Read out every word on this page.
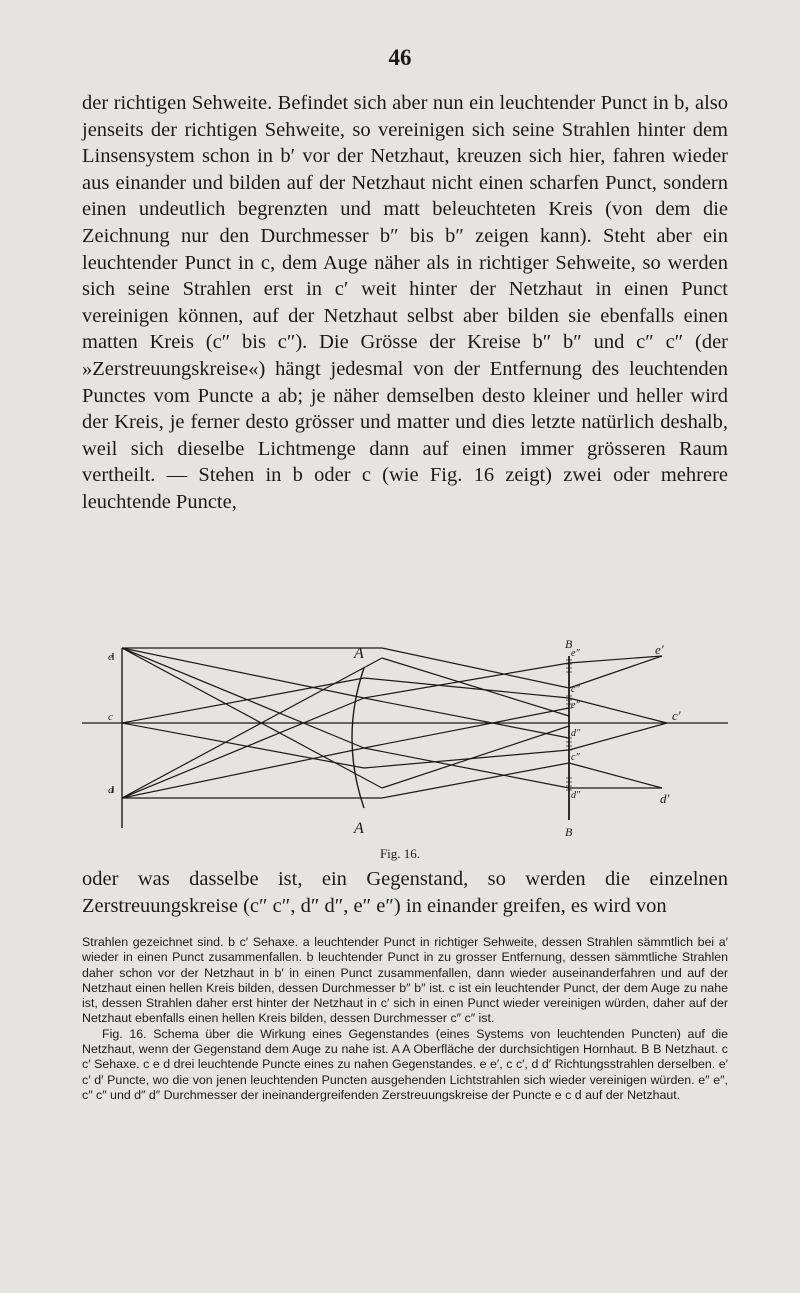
46

der richtigen Sehweite. Befindet sich aber nun ein leuchtender Punct in b, also jenseits der richtigen Sehweite, so vereinigen sich seine Strahlen hinter dem Linsensystem schon in b′ vor der Netzhaut, kreuzen sich hier, fahren wieder aus einander und bilden auf der Netzhaut nicht einen scharfen Punct, sondern einen undeutlich begrenzten und matt beleuchteten Kreis (von dem die Zeichnung nur den Durchmesser b″ bis b″ zeigen kann). Steht aber ein leuchtender Punct in c, dem Auge näher als in richtiger Sehweite, so werden sich seine Strahlen erst in c′ weit hinter der Netzhaut in einen Punct vereinigen können, auf der Netzhaut selbst aber bilden sie ebenfalls einen matten Kreis (c″ bis c″). Die Grösse der Kreise b″ b″ und c″ c″ (der »Zerstreuungskreise«) hängt jedesmal von der Entfernung des leuchtenden Punctes vom Puncte a ab; je näher demselben desto kleiner und heller wird der Kreis, je ferner desto grösser und matter und dies letzte natürlich deshalb, weil sich dieselbe Lichtmenge dann auf einen immer grösseren Raum vertheilt. — Stehen in b oder c (wie Fig. 16 zeigt) zwei oder mehrere leuchtende Puncte,

A
A
B
B
e
c
d
e′
c′
d′
e″
c″
d″
e″
c″
d″
Fig. 16.

oder was dasselbe ist, ein Gegenstand, so werden die einzelnen Zerstreuungskreise (c″ c″, d″ d″, e″ e″) in einander greifen, es wird von

Strahlen gezeichnet sind. b c′ Sehaxe. a leuchtender Punct in richtiger Sehweite, dessen Strahlen sämmtlich bei a′ wieder in einen Punct zusammenfallen. b leuchtender Punct in zu grosser Entfernung, dessen sämmtliche Strahlen daher schon vor der Netzhaut in b′ in einen Punct zusammenfallen, dann wieder auseinanderfahren und auf der Netzhaut einen hellen Kreis bilden, dessen Durchmesser b″ b″ ist. c ist ein leuchtender Punct, der dem Auge zu nahe ist, dessen Strahlen daher erst hinter der Netzhaut in c′ sich in einen Punct wieder vereinigen würden, daher auf der Netzhaut ebenfalls einen hellen Kreis bilden, dessen Durchmesser c″ c″ ist.

Fig. 16. Schema über die Wirkung eines Gegenstandes (eines Systems von leuchtenden Puncten) auf die Netzhaut, wenn der Gegenstand dem Auge zu nahe ist. A A Oberfläche der durchsichtigen Hornhaut. B B Netzhaut. c c′ Sehaxe. c e d drei leuchtende Puncte eines zu nahen Gegenstandes. e e′, c c′, d d′ Richtungsstrahlen derselben. e′ c′ d′ Puncte, wo die von jenen leuchtenden Puncten ausgehenden Lichtstrahlen sich wieder vereinigen würden. e″ e″, c″ c″ und d″ d″ Durchmesser der ineinandergreifenden Zerstreuungskreise der Puncte e c d auf der Netzhaut.
